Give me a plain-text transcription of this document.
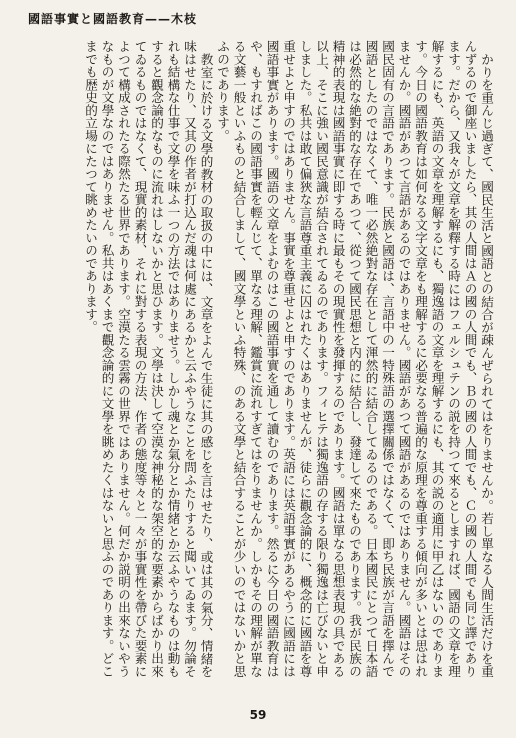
國語事實と國語教育——木枝

かりを重んじ過ぎて、國民生活と國語との結合が疎んぜられてはをりませんか。若し單なる人間生活だけを重んずるので御座いましたら、其の人間はＡの國の人間でも、Ｂの國の人間でも、Ｃの國の人間でも同じ譯であります。だから、又我々が文章を解釋する時にはフェルシュテンの説を持つて來るとしますれば、國語の文章を理解するにも、英語の文章を理解するにも、獨逸語の文章を理解するにも、其の説の適用に甲乙はないのであります。今日の國語教育は如何なる文字文章をも理解するに必要なる普遍的な原理を尊重する傾向が多いとは思はれませんか。國語があつて言語があるのではありません。國語があつて國語があるのではありません。國語はその國民固有の言語であります。民族と國語は、言語中の一特殊語の選擇關係ではなくて、即ち民族が言語を擇んで國語としたのではなくて、唯一必然絶對な存在として渾然的に結合してゐるのである。日本國民にとつて日本語は必然的な絶對的な存在であつて、從つて國民思想と内的に結合し、發達して來たものであります。我が民族の精神的表現は國語事實に即する時に最もその現實性を發揮するのであります。國語は單なる思想表現の具である以上、そこに強い國民意識が結合されてゐるのであります。フィヒテは獨逸語の存する限り獨逸は亡びないと申しました。私共は敢て偏狹な言語尊重主義に囚はれたくはありませんが、徒らに觀念論的に、概念的に國語を尊重せよと申すのではありません。事實を尊重せよと申すのであります。英語には英語事實があるやうに國語には國語事實があります。國語の文章をよむのはこの國語事實を通して讀むのであります。然るに今日の國語教育はや、もすればこの國語事實を輕んじて、單なる理解、鑑賞に流れすぎてはをりませんか。しかもその理解が單なる文藝一般といふものと結合しまして、國文學といふ特殊、のある文學と結合することが少いのではないかと思ふのであります。

教室に於ける文學的教材の取扱の中には、文章をよんで生徒に其の感じを言はせたり、或は其の氣分、情緒を味はせたり、又其の作者が打込んだ魂は何處にあるかと云ふやうなことを問ふたりすると聞いてゐます。勿論それも結構な仕事で文學を味ふ一つの方法ではありませう。しかし魂とか氣分とか情緒とか云ふやうなものは動もすると觀念論的なものに流れはしないかと思ひます。文學は決して空漠な神秘的な架空的な要素からばかり出來てゐるものではなくて、現實的素材、それに對する表現の方法、作者の態度等々と一々が事實性を帶びた要素によつて構成されたる際然たる世界であります。空漠たる雲霧の世界ではありません。何だか説明の出來ないやうなものが文學なのではありません。私共はあくまで觀念論的に文學を眺めたくはないと思ふのであります。どこまでも歴史的立場にたつて眺めたいのであります。

59
